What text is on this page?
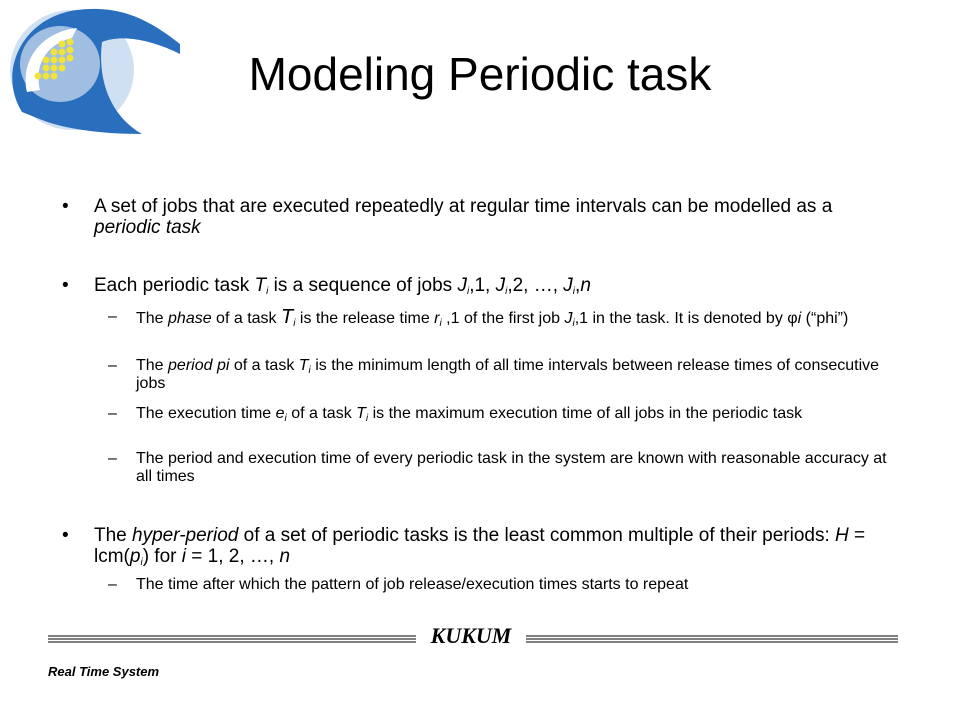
Modeling Periodic task
• A set of jobs that are executed repeatedly at regular time intervals can be modelled as a periodic task
• Each periodic task $T_i$ is a sequence of jobs $J_i,1$, $J_i,2$, …, $J_i,n$
– The phase of a task $T_i$ is the release time $r_i$ ,1 of the first job $J_i,1$ in the task. It is denoted by φi (“phi”)
– The period pi of a task $T_i$ is the minimum length of all time intervals between release times of consecutive jobs
– The execution time $e_i$ of a task $T_i$ is the maximum execution time of all jobs in the periodic task
– The period and execution time of every periodic task in the system are known with reasonable accuracy at all times
• The hyper-period of a set of periodic tasks is the least common multiple of their periods: $H = lcm(p_i)$ for i = 1, 2, …, n
– The time after which the pattern of job release/execution times starts to repeat
KUKUM
Real Time System
